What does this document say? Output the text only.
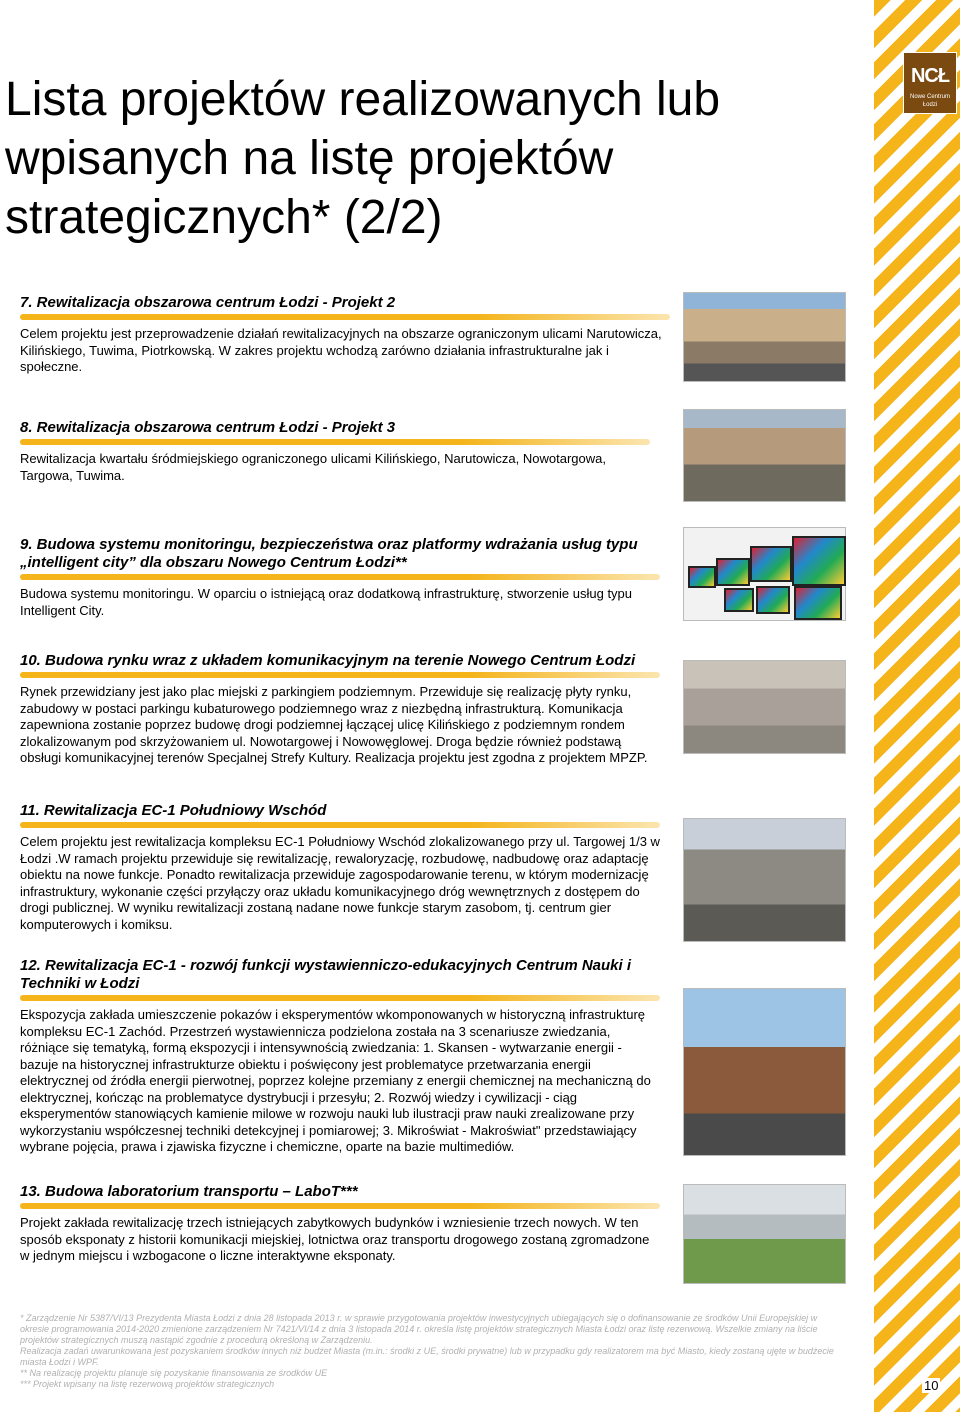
NCŁ
Nowe Centrum Łodzi
Lista projektów realizowanych lub wpisanych na listę projektów strategicznych* (2/2)
7. Rewitalizacja obszarowa centrum Łodzi - Projekt 2
Celem projektu jest przeprowadzenie działań rewitalizacyjnych na obszarze ograniczonym ulicami Narutowicza, Kilińskiego, Tuwima, Piotrkowską. W zakres projektu wchodzą zarówno działania infrastrukturalne jak i społeczne.
8. Rewitalizacja obszarowa centrum Łodzi - Projekt 3
Rewitalizacja kwartału śródmiejskiego ograniczonego ulicami Kilińskiego, Narutowicza, Nowotargowa, Targowa, Tuwima.
9. Budowa systemu monitoringu, bezpieczeństwa oraz platformy wdrażania usług typu „intelligent city” dla obszaru Nowego Centrum Łodzi**
Budowa systemu monitoringu. W oparciu o istniejącą oraz dodatkową infrastrukturę, stworzenie usług typu Intelligent City.
10. Budowa rynku wraz z układem komunikacyjnym na terenie Nowego Centrum Łodzi
Rynek przewidziany jest jako plac miejski z parkingiem podziemnym. Przewiduje się realizację płyty rynku, zabudowy w postaci parkingu kubaturowego podziemnego wraz z niezbędną infrastrukturą. Komunikacja zapewniona zostanie poprzez budowę drogi podziemnej łączącej ulicę Kilińskiego z podziemnym rondem zlokalizowanym pod skrzyżowaniem ul. Nowotargowej i Nowowęglowej. Droga będzie również podstawą obsługi komunikacyjnej terenów Specjalnej Strefy Kultury. Realizacja projektu jest zgodna z projektem MPZP.
11. Rewitalizacja EC-1 Południowy Wschód
Celem projektu jest rewitalizacja kompleksu EC-1 Południowy Wschód zlokalizowanego przy ul. Targowej 1/3 w Łodzi .W ramach projektu przewiduje się rewitalizację, rewaloryzację, rozbudowę, nadbudowę oraz adaptację obiektu na nowe funkcje. Ponadto rewitalizacja przewiduje zagospodarowanie terenu, w którym modernizację infrastruktury, wykonanie części przyłączy oraz układu komunikacyjnego dróg wewnętrznych z dostępem do drogi publicznej. W wyniku rewitalizacji zostaną nadane nowe funkcje starym zasobom, tj. centrum gier komputerowych i komiksu.
12. Rewitalizacja EC-1 - rozwój funkcji wystawienniczo-edukacyjnych Centrum Nauki i Techniki w Łodzi
Ekspozycja zakłada umieszczenie pokazów i eksperymentów wkomponowanych w historyczną infrastrukturę kompleksu EC-1 Zachód. Przestrzeń wystawiennicza podzielona została na 3 scenariusze zwiedzania, różniące się tematyką, formą ekspozycji i intensywnością zwiedzania: 1. Skansen - wytwarzanie energii - bazuje na historycznej infrastrukturze obiektu i poświęcony jest problematyce przetwarzania energii elektrycznej od źródła energii pierwotnej, poprzez kolejne przemiany z energii chemicznej na mechaniczną do elektrycznej, kończąc na problematyce dystrybucji i przesyłu; 2. Rozwój wiedzy i cywilizacji - ciąg eksperymentów stanowiących kamienie milowe w rozwoju nauki lub ilustracji praw nauki zrealizowane przy wykorzystaniu współczesnej techniki detekcyjnej i pomiarowej; 3. Mikroświat - Makroświat" przedstawiający wybrane pojęcia, prawa i zjawiska fizyczne i chemiczne, oparte na bazie multimediów.
13. Budowa laboratorium transportu – LaboT***
Projekt zakłada rewitalizację trzech istniejących zabytkowych budynków i wzniesienie trzech nowych. W ten sposób eksponaty z historii komunikacji miejskiej, lotnictwa oraz transportu drogowego zostaną zgromadzone w jednym miejscu i wzbogacone o liczne interaktywne eksponaty.
* Zarządzenie Nr 5387/VI/13 Prezydenta Miasta Łodzi z dnia 28 listopada 2013 r. w sprawie przygotowania projektów inwestycyjnych ubiegających się o dofinansowanie ze środków Unii Europejskiej w okresie programowania 2014-2020 zmienione zarządzeniem Nr 7421/VI/14 z dnia 3 listopada 2014 r. określa listę projektów strategicznych Miasta Łodzi oraz listę rezerwową. Wszelkie zmiany na liście projektów strategicznych muszą nastąpić zgodnie z procedurą określoną w Zarządzeniu.
Realizacja zadań uwarunkowana jest pozyskaniem środków innych niż budżet Miasta (m.in.: środki z UE, środki prywatne) lub w przypadku gdy realizatorem ma być Miasto, kiedy zostaną ujęte w budżecie miasta Łodzi i WPF.
** Na realizację projektu planuje się pozyskanie finansowania ze środków UE
*** Projekt wpisany na listę rezerwową projektów strategicznych	10
